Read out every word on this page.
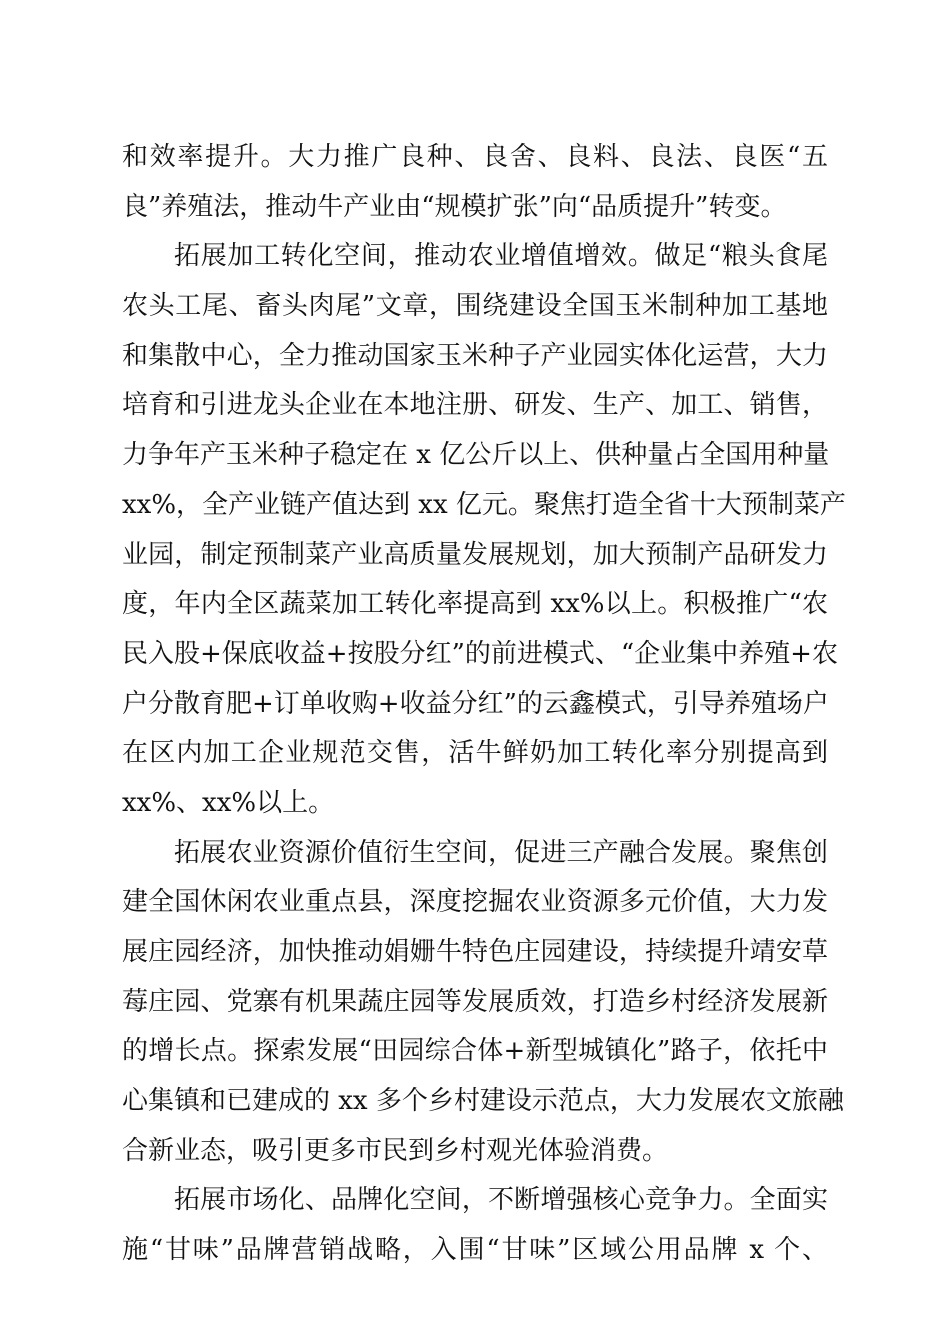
和效率提升。大力推广良种、良舍、良料、良法、良医“五
良”养殖法，推动牛产业由“规模扩张”向“品质提升”转变。
拓展加工转化空间，推动农业增值增效。做足“粮头食尾
农头工尾、畜头肉尾”文章，围绕建设全国玉米制种加工基地
和集散中心，全力推动国家玉米种子产业园实体化运营，大力
培育和引进龙头企业在本地注册、研发、生产、加工、销售，
力争年产玉米种子稳定在 x 亿公斤以上、供种量占全国用种量
xx%，全产业链产值达到 xx 亿元。聚焦打造全省十大预制菜产
业园，制定预制菜产业高质量发展规划，加大预制产品研发力
度，年内全区蔬菜加工转化率提高到 xx%以上。积极推广“农
民入股+保底收益+按股分红”的前进模式、“企业集中养殖+农
户分散育肥+订单收购+收益分红”的云鑫模式，引导养殖场户
在区内加工企业规范交售，活牛鲜奶加工转化率分别提高到
xx%、xx%以上。
拓展农业资源价值衍生空间，促进三产融合发展。聚焦创
建全国休闲农业重点县，深度挖掘农业资源多元价值，大力发
展庄园经济，加快推动娟姗牛特色庄园建设，持续提升靖安草
莓庄园、党寨有机果蔬庄园等发展质效，打造乡村经济发展新
的增长点。探索发展“田园综合体+新型城镇化”路子，依托中
心集镇和已建成的 xx 多个乡村建设示范点，大力发展农文旅融
合新业态，吸引更多市民到乡村观光体验消费。
拓展市场化、品牌化空间，不断增强核心竞争力。全面实
施“甘味”品牌营销战略，入围“甘味”区域公用品牌 x 个、
